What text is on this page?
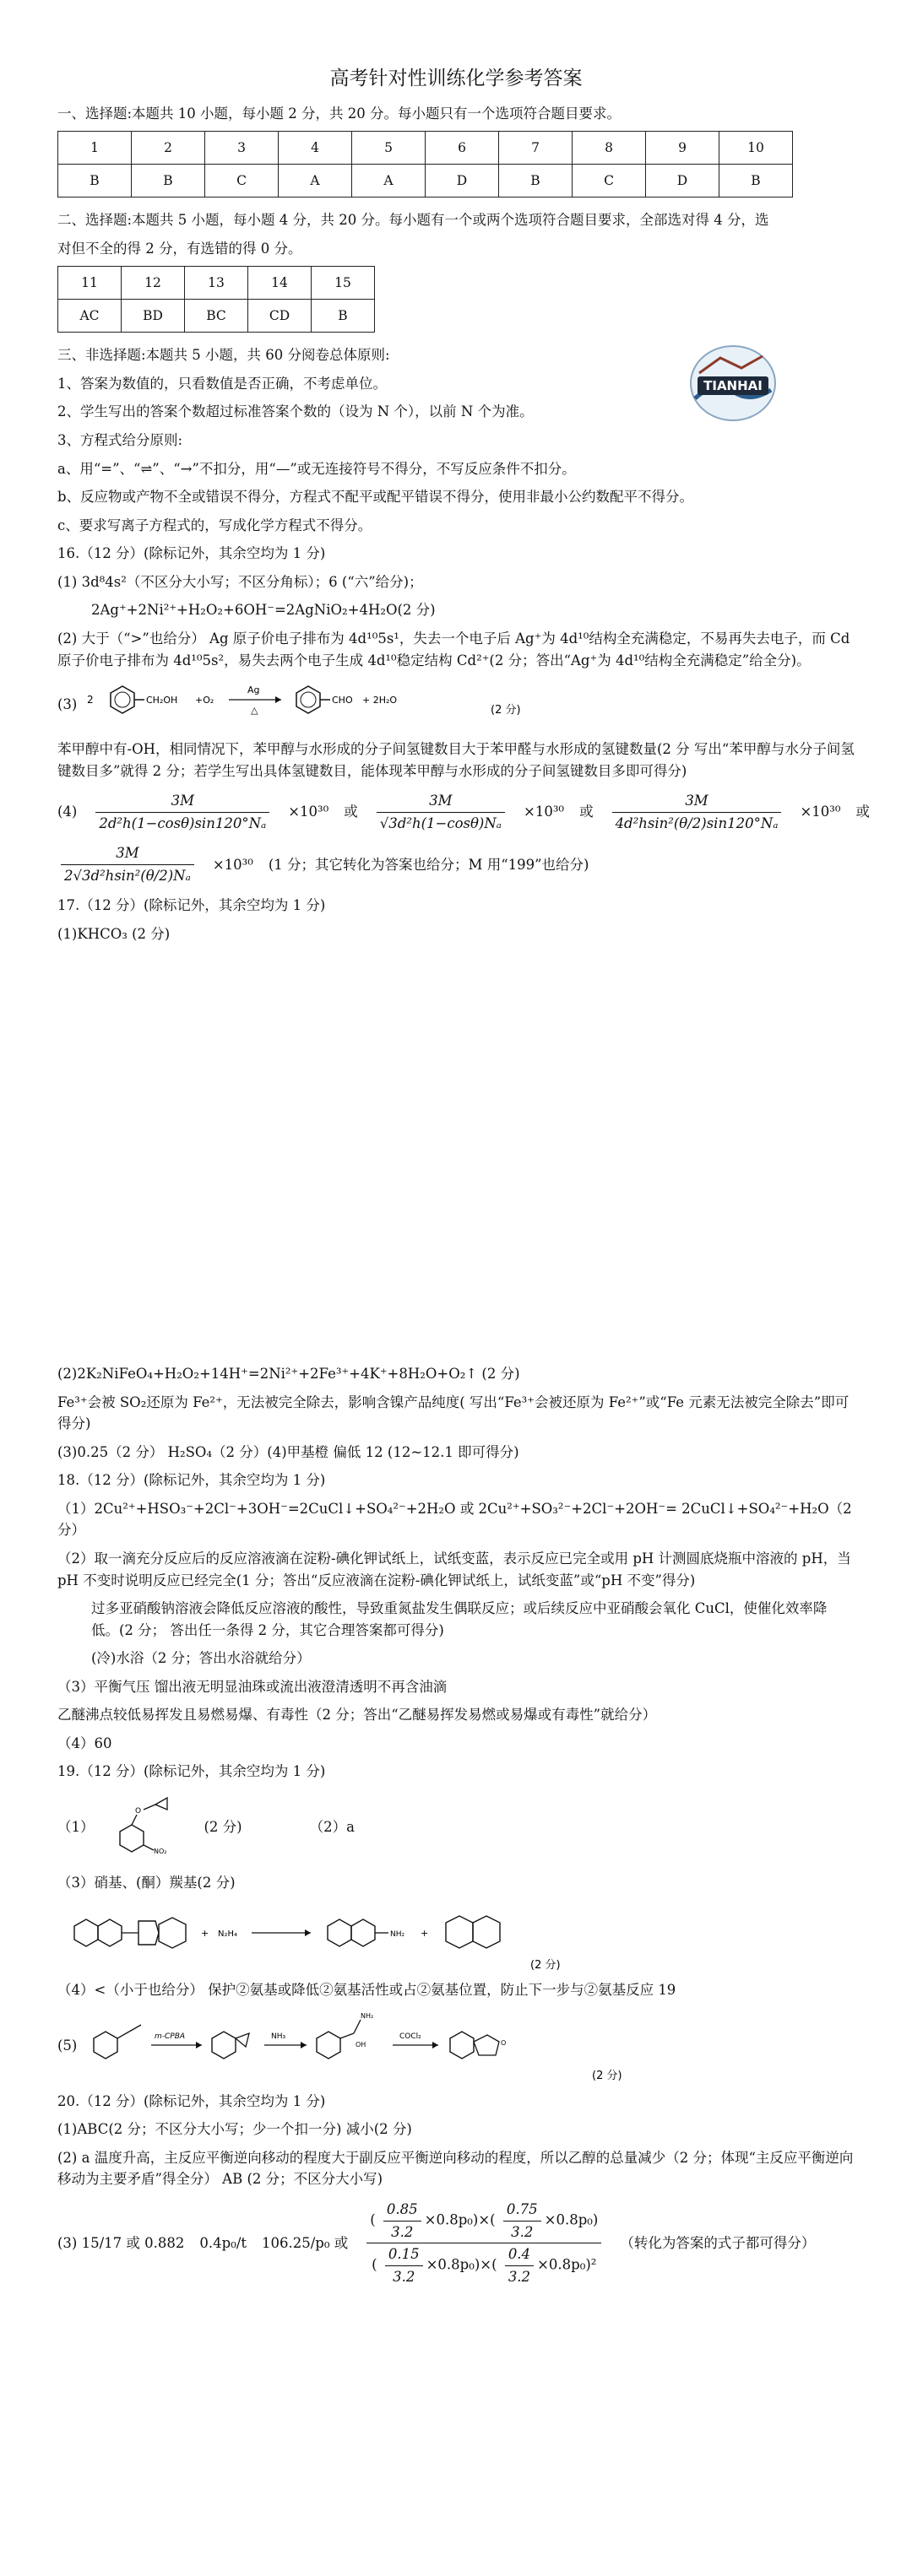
高考针对性训练化学参考答案

一、选择题:本题共 10 小题，每小题 2 分，共 20 分。每小题只有一个选项符合题目要求。

1	2	3	4	5	6	7	8	9	10
B	B	C	A	A	D	B	C	D	B

二、选择题:本题共 5 小题，每小题 4 分，共 20 分。每小题有一个或两个选项符合题目要求，全部选对得 4 分，选

对但不全的得 2 分，有选错的得 0 分。

11	12	13	14	15
AC	BD	BC	CD	B
TIANHAI

三、非选择题:本题共 5 小题，共 60 分阅卷总体原则:

1、答案为数值的，只看数值是否正确，不考虑单位。

2、学生写出的答案个数超过标准答案个数的（设为 N 个），以前 N 个为准。

3、方程式给分原则:

a、用“=”、“⇌”、“→”不扣分，用“—”或无连接符号不得分，不写反应条件不扣分。

b、反应物或产物不全或错误不得分，方程式不配平或配平错误不得分，使用非最小公约数配平不得分。

c、要求写离子方程式的，写成化学方程式不得分。

16.（12 分）(除标记外，其余空均为 1 分)

(1) 3d⁸4s²（不区分大小写；不区分角标）；6 (“六”给分)；

2Ag⁺+2Ni²⁺+H₂O₂+6OH⁻=2AgNiO₂+4H₂O(2 分)

(2) 大于（“>”也给分） Ag 原子价电子排布为 4d¹⁰5s¹，失去一个电子后 Ag⁺为 4d¹⁰结构全充满稳定，不易再失去电子，而 Cd 原子价电子排布为 4d¹⁰5s²，易失去两个电子生成 4d¹⁰稳定结构 Cd²⁺(2 分；答出“Ag⁺为 4d¹⁰结构全充满稳定”给全分)。

(3) 2	CH₂OH +O₂
Ag
△
CHO + 2H₂O
(2 分)

苯甲醇中有-OH，相同情况下，苯甲醇与水形成的分子间氢键数目大于苯甲醛与水形成的氢键数量(2 分 写出“苯甲醇与水分子间氢键数目多”就得 2 分；若学生写出具体氢键数目，能体现苯甲醇与水形成的分子间氢键数目多即可得分)

$(4) \frac{3M}{\text{2d²h(1−cosθ)sin120°Nₐ}} \times 10^{30}$ 或 $\frac{3M}{\text{√3d²h(1−cosθ)Nₐ}} \times 10^{30}$ 或 $\frac{3M}{\text{4d²hsin²(θ/2)sin120°Nₐ}} \times 10^{30}$ 或
$\frac{3M}{\text{2√3d²hsin²(θ/2)Nₐ}} \times 10^{30}$ (1 分；其它转化为答案也给分；M 用“199”也给分)

17.（12 分）(除标记外，其余空均为 1 分)

(1)KHCO₃ (2 分)

(2)2K₂NiFeO₄+H₂O₂+14H⁺=2Ni²⁺+2Fe³⁺+4K⁺+8H₂O+O₂↑ (2 分)

Fe³⁺会被 SO₂还原为 Fe²⁺，无法被完全除去，影响含镍产品纯度( 写出“Fe³⁺会被还原为 Fe²⁺”或“Fe 元素无法被完全除去”即可得分)

(3)0.25（2 分） H₂SO₄（2 分）(4)甲基橙 偏低 12 (12~12.1 即可得分)

18.（12 分）(除标记外，其余空均为 1 分)

（1）2Cu²⁺+HSO₃⁻+2Cl⁻+3OH⁻=2CuCl↓+SO₄²⁻+2H₂O 或 2Cu²⁺+SO₃²⁻+2Cl⁻+2OH⁻= 2CuCl↓+SO₄²⁻+H₂O（2 分）

（2）取一滴充分反应后的反应溶液滴在淀粉-碘化钾试纸上，试纸变蓝，表示反应已完全或用 pH 计测圆底烧瓶中溶液的 pH，当 pH 不变时说明反应已经完全(1 分；答出“反应液滴在淀粉-碘化钾试纸上，试纸变蓝”或“pH 不变”得分)

过多亚硝酸钠溶液会降低反应溶液的酸性，导致重氮盐发生偶联反应；或后续反应中亚硝酸会氧化 CuCl，使催化效率降低。(2 分； 答出任一条得 2 分，其它合理答案都可得分)

(冷)水浴（2 分；答出水浴就给分）

（3）平衡气压 馏出液无明显油珠或流出液澄清透明不再含油滴

乙醚沸点较低易挥发且易燃易爆、有毒性（2 分；答出“乙醚易挥发易燃或易爆或有毒性”就给分）

（4）60

19.（12 分）(除标记外，其余空均为 1 分)

（1）
O
NO₂
(2 分)	（2）a

（3）硝基、(酮）羰基(2 分)

+ N₂H₄	NH₂ +
(2 分)

（4）<（小于也给分） 保护②氨基或降低②氨基活性或占②氨基位置，防止下一步与②氨基反应 19

(5)
m-CPBA	NH₃
NH₂
OH
COCl₂
O
(2 分)

20.（12 分）(除标记外，其余空均为 1 分)

(1)ABC(2 分；不区分大小写；少一个扣一分) 减小(2 分)

(2) a 温度升高，主反应平衡逆向移动的程度大于副反应平衡逆向移动的程度，所以乙醇的总量减少（2 分；体现“主反应平衡逆向移动为主要矛盾”得全分） AB (2 分；不区分大小写)

(3) 15/17 或 0.882 0.4p₀/t 106.25/p₀ 或 $\frac{( \frac{0.85}{3.2} \times 0.8p_0)\times( \frac{0.75}{3.2} \times 0.8p_0)}{( \frac{0.15}{3.2} \times 0.8p_0)\times( \frac{0.4}{3.2} \times 0.8p_0)^2}$ （转化为答案的式子都可得分）
